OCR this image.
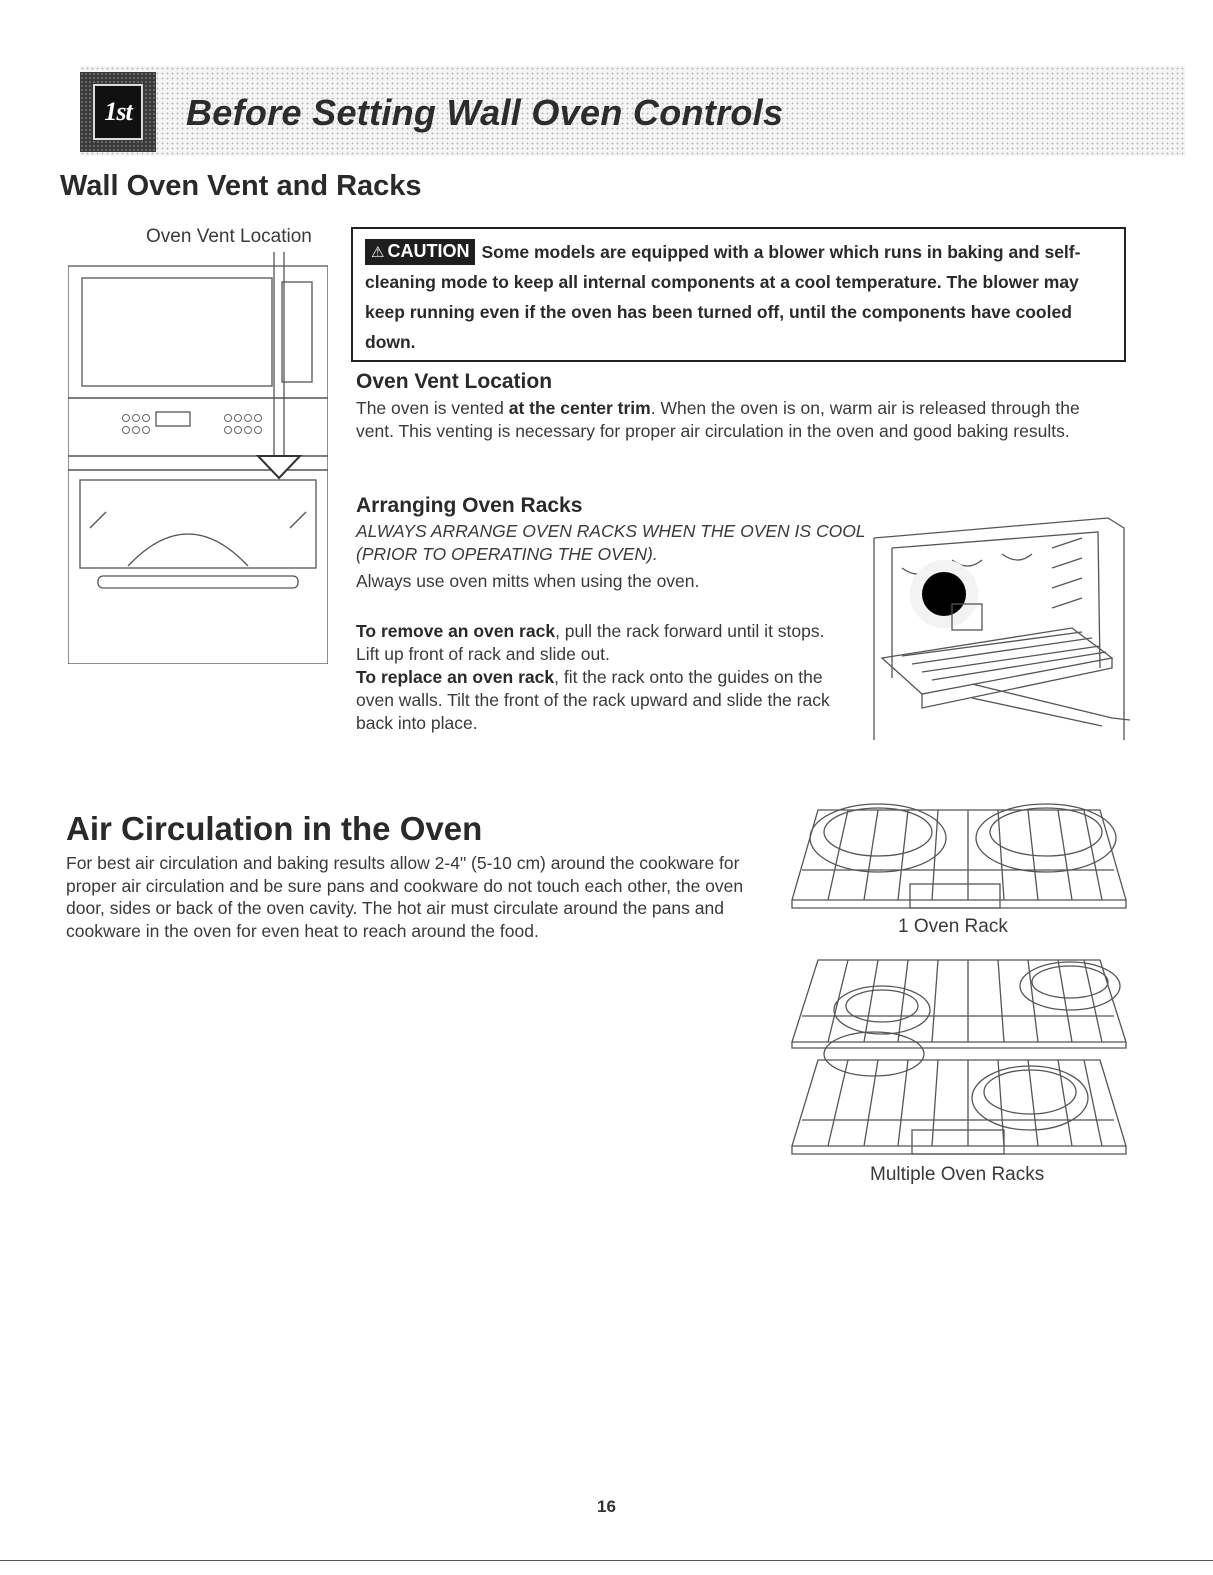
1st	Before Setting Wall Oven Controls
Wall Oven Vent and Racks
Oven Vent Location
⚠ CAUTION Some models are equipped with a blower which runs in baking and self-cleaning mode to keep all internal components at a cool temperature. The blower may keep running even if the oven has been turned off, until the components have cooled down.
Oven Vent Location
The oven is vented at the center trim. When the oven is on, warm air is released through the vent. This venting is necessary for proper air circulation in the oven and good baking results.
Arranging Oven Racks
ALWAYS ARRANGE OVEN RACKS WHEN THE OVEN IS COOL (PRIOR TO OPERATING THE OVEN).
Always use oven mitts when using the oven.
To remove an oven rack, pull the rack forward until it stops. Lift up front of rack and slide out.
To replace an oven rack, fit the rack onto the guides on the oven walls. Tilt the front of the rack upward and slide the rack back into place.
Air Circulation in the Oven
For best air circulation and baking results allow 2-4" (5-10 cm) around the cookware for proper air circulation and be sure pans and cookware do not touch each other, the oven door, sides or back of the oven cavity. The hot air must circulate around the pans and cookware in the oven for even heat to reach around the food.	1 Oven Rack
Multiple Oven Racks
16
